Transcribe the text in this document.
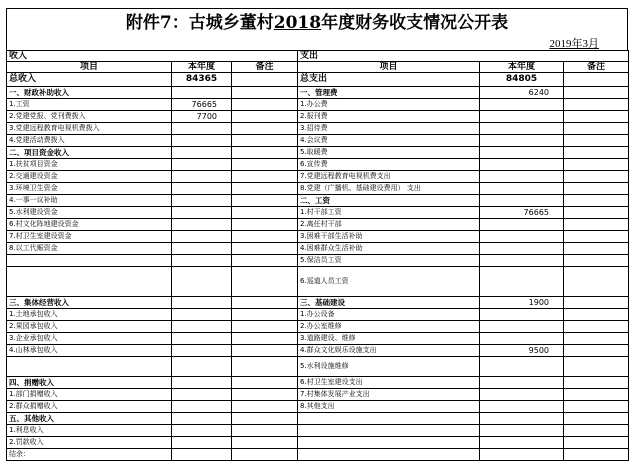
附件7：古城乡董村2018年度财务收支情况公开表
2019年3月
收入			支出		
项目	本年度	备注	项目	本年度	备注
总收入	84365		总支出	84805	
一、财政补助收入			一、管理费	6240	
1.工资	76665		1.办公费		
2.党建党报、党刊费拨入	7700		2.报刊费		
3.党建远程教育电视机费拨入			3.招待费		
4.党建活动费拨入			4.会议费		
二、项目资金收入			5.取暖费		
1.扶贫项目资金			6.宣传费		
2.交通建设资金			7.党建远程教育电视机费支出		
3.环境卫生资金			8.党建（广播机、基础建设费用） 支出		
4.一事一议补助			二、工资		
5.水利建设资金			1.村干部工资	76665	
6.村文化阵地建设资金			2.离任村干部		
7.村卫生室建设资金			3.困难干部生活补助		
8.以工代赈资金			4.困难群众生活补助		
			5.保洁员工资		
			6.巡道人员工资		
三、集体经营收入			三、基础建设	1900	
1.土地承包收入			1.办公设备		
2.果园承包收入			2.办公室维修		
3.企业承包收入			3.道路建设、维修		
4.山林承包收入			4.群众文化娱乐设施支出	9500	
			5.水利设施维修		
四、捐赠收入			6.村卫生室建设支出		
1.部门捐赠收入			7.村集体发展产业支出		
2.群众捐赠收入			8.其他支出		
五、其他收入					
1.利息收入					
2.罚款收入					
结余：					
